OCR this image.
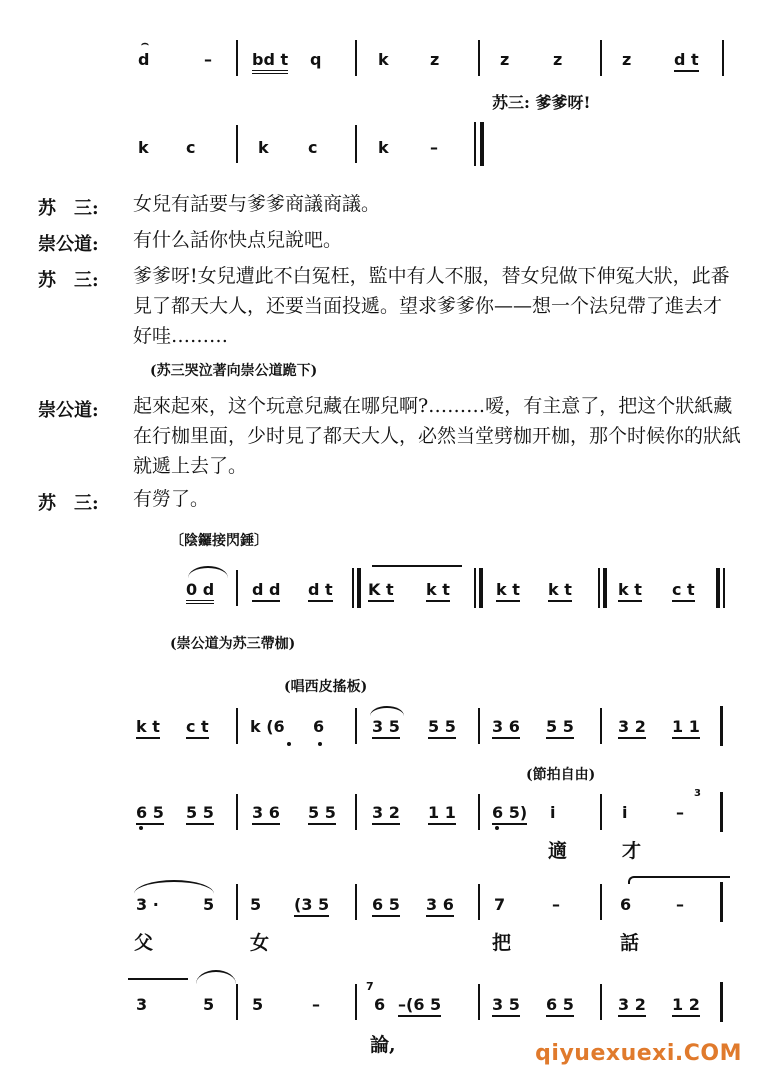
d
⌢
–	bd t q	k	z	z	z	z	d t
苏三: 爹爹呀!
k c	k c	k	–
苏　三: 女兒有話要与爹爹商議商議。
崇公道: 有什么話你快点兒說吧。
苏　三: 爹爹呀!女兒遭此不白冤枉，監中有人不服，替女兒做下伸冤大狀，此番
見了都天大人，还要当面投遞。望求爹爹你——想一个法兒帶了進去才
好哇………
(苏三哭泣著向崇公道跪下)
崇公道: 起來起來，这个玩意兒藏在哪兒啊?………嗳，有主意了，把这个狀紙藏
在行枷里面，少时見了都天大人，必然当堂劈枷开枷，那个时候你的狀紙
就遞上去了。
苏　三: 有勞了。
〔陰鑼接閃錘〕
0 d d d d t K t k t	k t k t	k t c t
(崇公道为苏三帶枷)
(唱西皮搖板)
k t c t	k (6 6	3 5 5 5 3 6 5 5	3 2 1 1
(節拍自由)
6 5 5 5 3 6 5 5 3 2 1 1 6 5) i	i	–
3
適	才
3 ·	5 5 (3 5	6 5 3 6	7	–	6	–
父	女	把	話
3	5 5	–
7
6 –(6 5	3 5 6 5	3 2 1 2
論,	qiyuexuexi.COM
